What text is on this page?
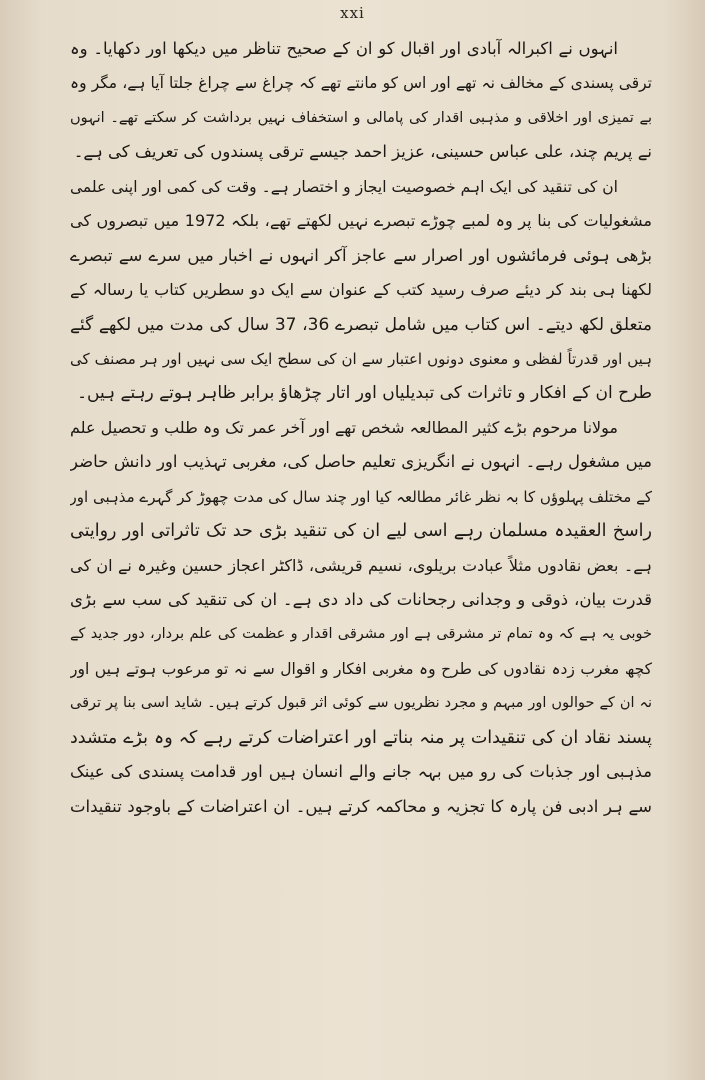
xxi
انہوں نے اکبرالہ آبادی اور اقبال کو ان کے صحیح تناظر میں دیکھا اور دکھایا۔ وہ
ترقی پسندی کے مخالف نہ تھے اور اس کو مانتے تھے کہ چراغ سے چراغ جلتا آیا ہے، مگر وہ
بے تمیزی اور اخلاقی و مذہبی اقدار کی پامالی و استخفاف نہیں برداشت کر سکتے تھے۔ انہوں
نے پریم چند، علی عباس حسینی، عزیز احمد جیسے ترقی پسندوں کی تعریف کی ہے۔
ان کی تنقید کی ایک اہم خصوصیت ایجاز و اختصار ہے۔ وقت کی کمی اور اپنی علمی
مشغولیات کی بنا پر وہ لمبے چوڑے تبصرے نہیں لکھتے تھے، بلکہ 1972 میں تبصروں کی
بڑھی ہوئی فرمائشوں اور اصرار سے عاجز آکر انہوں نے اخبار میں سرے سے تبصرے
لکھنا ہی بند کر دیئے صرف رسید کتب کے عنوان سے ایک دو سطریں کتاب یا رسالہ کے
متعلق لکھ دیتے۔ اس کتاب میں شامل تبصرے 36، 37 سال کی مدت میں لکھے گئے
ہیں اور قدرتاً لفظی و معنوی دونوں اعتبار سے ان کی سطح ایک سی نہیں اور ہر مصنف کی
طرح ان کے افکار و تاثرات کی تبدیلیاں اور اتار چڑھاؤ برابر ظاہر ہوتے رہتے ہیں۔
مولانا مرحوم بڑے کثیر المطالعہ شخص تھے اور آخر عمر تک وہ طلب و تحصیل علم
میں مشغول رہے۔ انہوں نے انگریزی تعلیم حاصل کی، مغربی تہذیب اور دانش حاضر
کے مختلف پہلوؤں کا بہ نظر غائر مطالعہ کیا اور چند سال کی مدت چھوڑ کر گہرے مذہبی اور
راسخ العقیدہ مسلمان رہے اسی لیے ان کی تنقید بڑی حد تک تاثراتی اور روایتی
ہے۔ بعض نقادوں مثلاً عبادت بریلوی، نسیم قریشی، ڈاکٹر اعجاز حسین وغیرہ نے ان کی
قدرت بیان، ذوقی و وجدانی رجحانات کی داد دی ہے۔ ان کی تنقید کی سب سے بڑی
خوبی یہ ہے کہ وہ تمام تر مشرقی ہے اور مشرقی اقدار و عظمت کی علم بردار، دور جدید کے
کچھ مغرب زدہ نقادوں کی طرح وہ مغربی افکار و اقوال سے نہ تو مرعوب ہوتے ہیں اور
نہ ان کے حوالوں اور مبہم و مجرد نظریوں سے کوئی اثر قبول کرتے ہیں۔ شاید اسی بنا پر ترقی
پسند نقاد ان کی تنقیدات پر منہ بناتے اور اعتراضات کرتے رہے کہ وہ بڑے متشدد
مذہبی اور جذبات کی رو میں بہہ جانے والے انسان ہیں اور قدامت پسندی کی عینک
سے ہر ادبی فن پارہ کا تجزیہ و محاکمہ کرتے ہیں۔ ان اعتراضات کے باوجود تنقیدات
